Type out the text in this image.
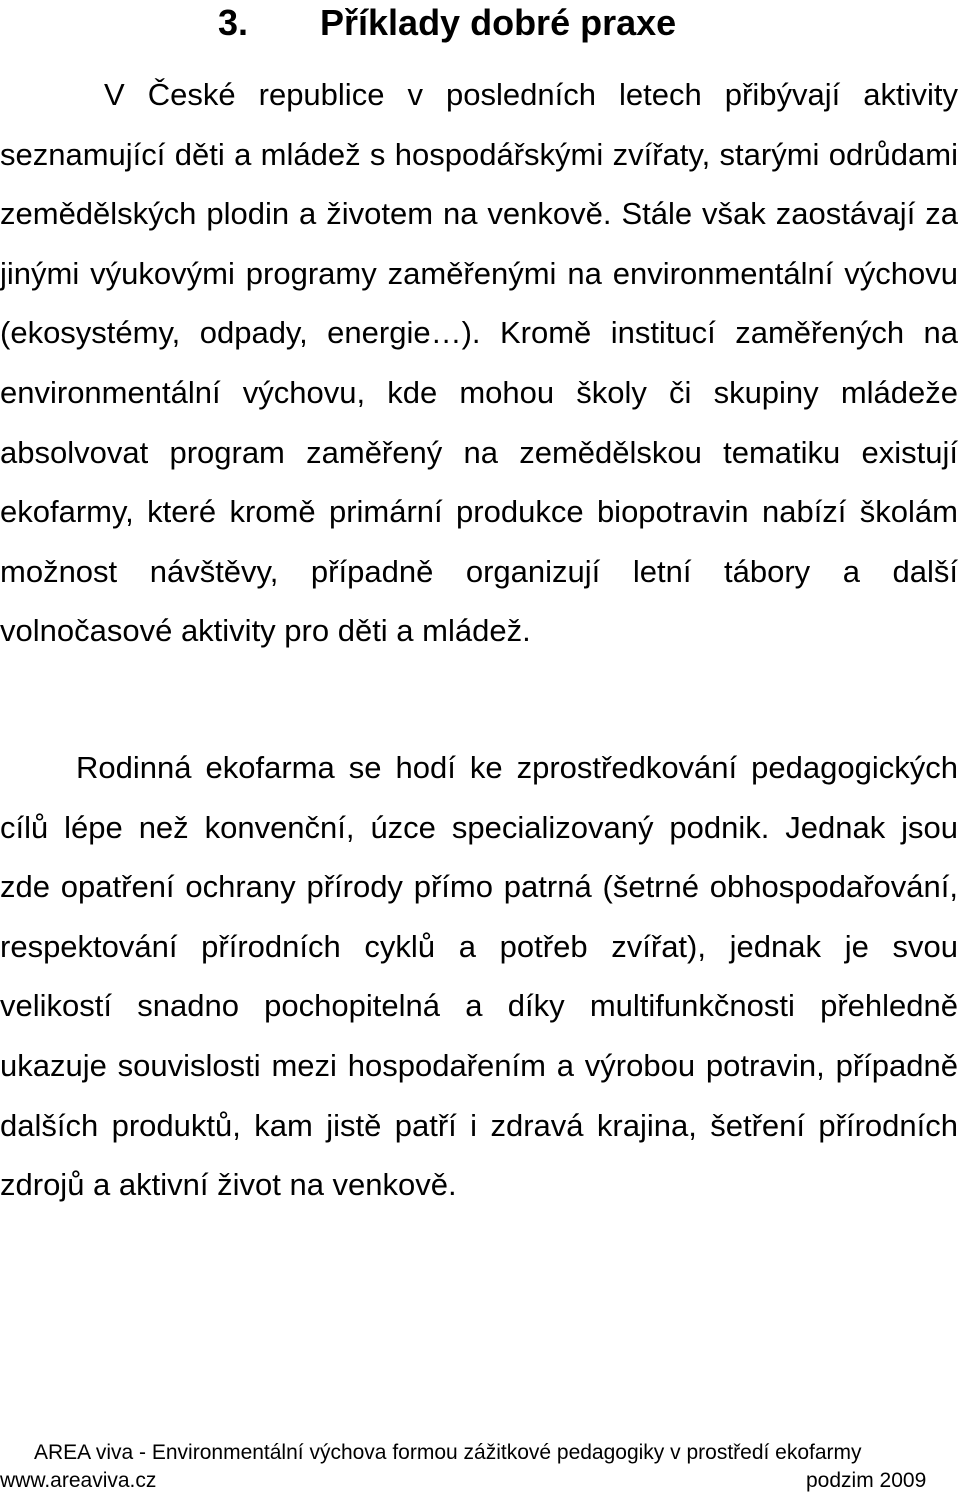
3. Příklady dobré praxe

V České republice v posledních letech přibývají aktivity seznamující děti a mládež s hospodářskými zvířaty, starými odrůdami zemědělských plodin a životem na venkově. Stále však zaostávají za jinými výukovými programy zaměřenými na environmentální výchovu (ekosystémy, odpady, energie…). Kromě institucí zaměřených na environmentální výchovu, kde mohou školy či skupiny mládeže absolvovat program zaměřený na zemědělskou tematiku existují ekofarmy, které kromě primární produkce biopotravin nabízí školám možnost návštěvy, případně organizují letní tábory a další volnočasové aktivity pro děti a mládež.

Rodinná ekofarma se hodí ke zprostředkování pedagogických cílů lépe než konvenční, úzce specializovaný podnik. Jednak jsou zde opatření ochrany přírody přímo patrná (šetrné obhospodařování, respektování přírodních cyklů a potřeb zvířat), jednak je svou velikostí snadno pochopitelná a díky multifunkčnosti přehledně ukazuje souvislosti mezi hospodařením a výrobou potravin, případně dalších produktů, kam jistě patří i zdravá krajina, šetření přírodních zdrojů a aktivní život na venkově.

AREA viva - Environmentální výchova formou zážitkové pedagogiky v prostředí ekofarmy
www.areaviva.cz	podzim 2009
